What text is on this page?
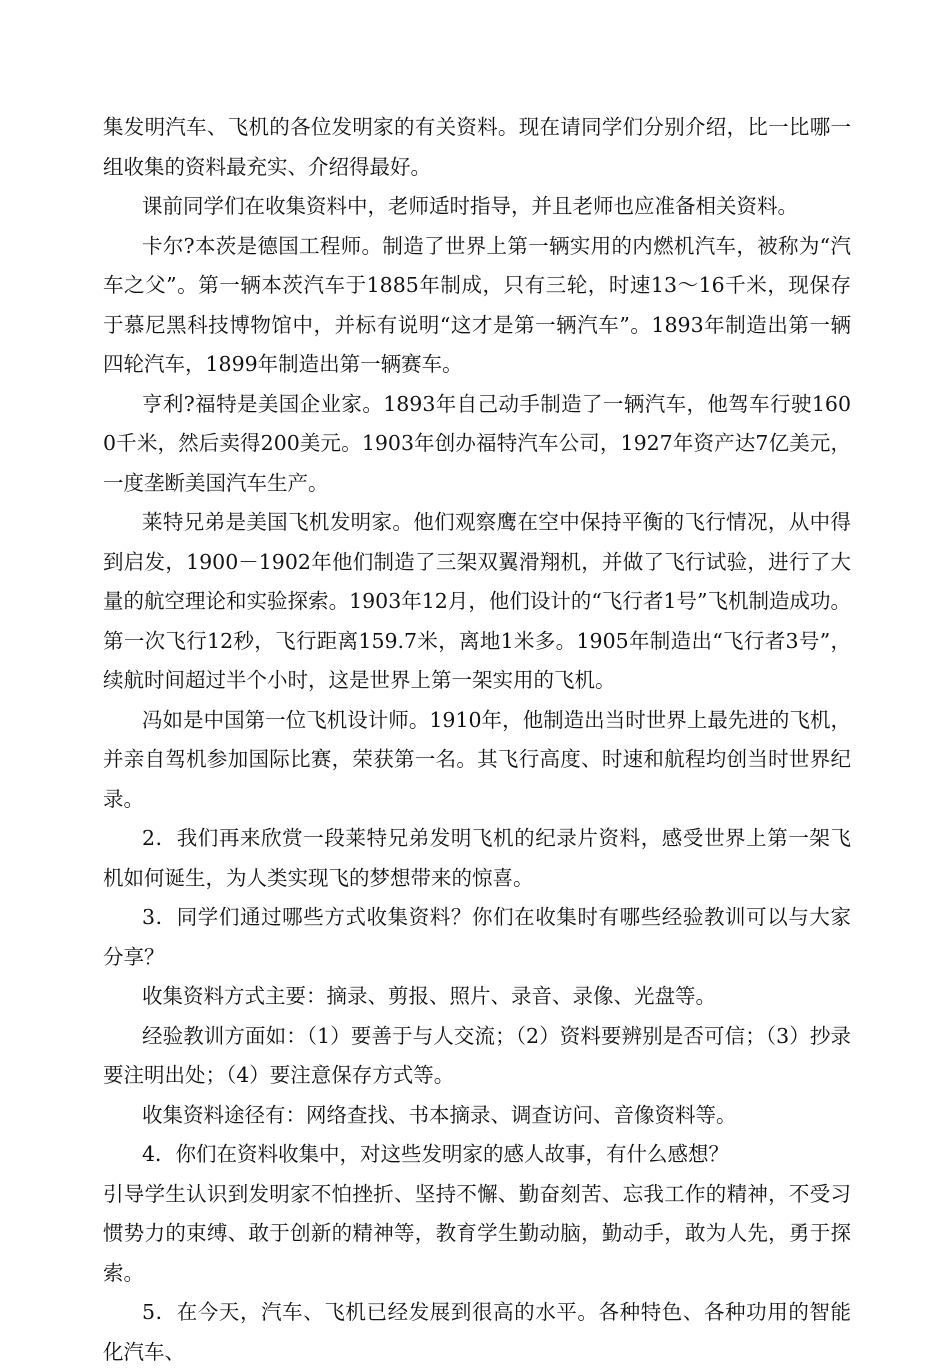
集发明汽车、飞机的各位发明家的有关资料。现在请同学们分别介绍，比一比哪一组收集的资料最充实、介绍得最好。

课前同学们在收集资料中，老师适时指导，并且老师也应准备相关资料。

卡尔?本茨是德国工程师。制造了世界上第一辆实用的内燃机汽车，被称为“汽车之父”。第一辆本茨汽车于1885年制成，只有三轮，时速13～16千米，现保存于慕尼黑科技博物馆中，并标有说明“这才是第一辆汽车”。1893年制造出第一辆四轮汽车，1899年制造出第一辆赛车。

亨利?福特是美国企业家。1893年自己动手制造了一辆汽车，他驾车行驶1600千米，然后卖得200美元。1903年创办福特汽车公司，1927年资产达7亿美元，一度垄断美国汽车生产。

莱特兄弟是美国飞机发明家。他们观察鹰在空中保持平衡的飞行情况，从中得到启发，1900－1902年他们制造了三架双翼滑翔机，并做了飞行试验，进行了大量的航空理论和实验探索。1903年12月，他们设计的“飞行者1号”飞机制造成功。第一次飞行12秒，飞行距离159.7米，离地1米多。1905年制造出“飞行者3号”，续航时间超过半个小时，这是世界上第一架实用的飞机。

冯如是中国第一位飞机设计师。1910年，他制造出当时世界上最先进的飞机，并亲自驾机参加国际比赛，荣获第一名。其飞行高度、时速和航程均创当时世界纪录。

2．我们再来欣赏一段莱特兄弟发明飞机的纪录片资料，感受世界上第一架飞机如何诞生，为人类实现飞的梦想带来的惊喜。

3．同学们通过哪些方式收集资料？你们在收集时有哪些经验教训可以与大家分享？

收集资料方式主要：摘录、剪报、照片、录音、录像、光盘等。

经验教训方面如：（1）要善于与人交流；（2）资料要辨别是否可信；（3）抄录要注明出处；（4）要注意保存方式等。

收集资料途径有：网络查找、书本摘录、调查访问、音像资料等。

4．你们在资料收集中，对这些发明家的感人故事，有什么感想？

引导学生认识到发明家不怕挫折、坚持不懈、勤奋刻苦、忘我工作的精神，不受习惯势力的束缚、敢于创新的精神等，教育学生勤动脑，勤动手，敢为人先，勇于探索。

5．在今天，汽车、飞机已经发展到很高的水平。各种特色、各种功用的智能化汽车、
